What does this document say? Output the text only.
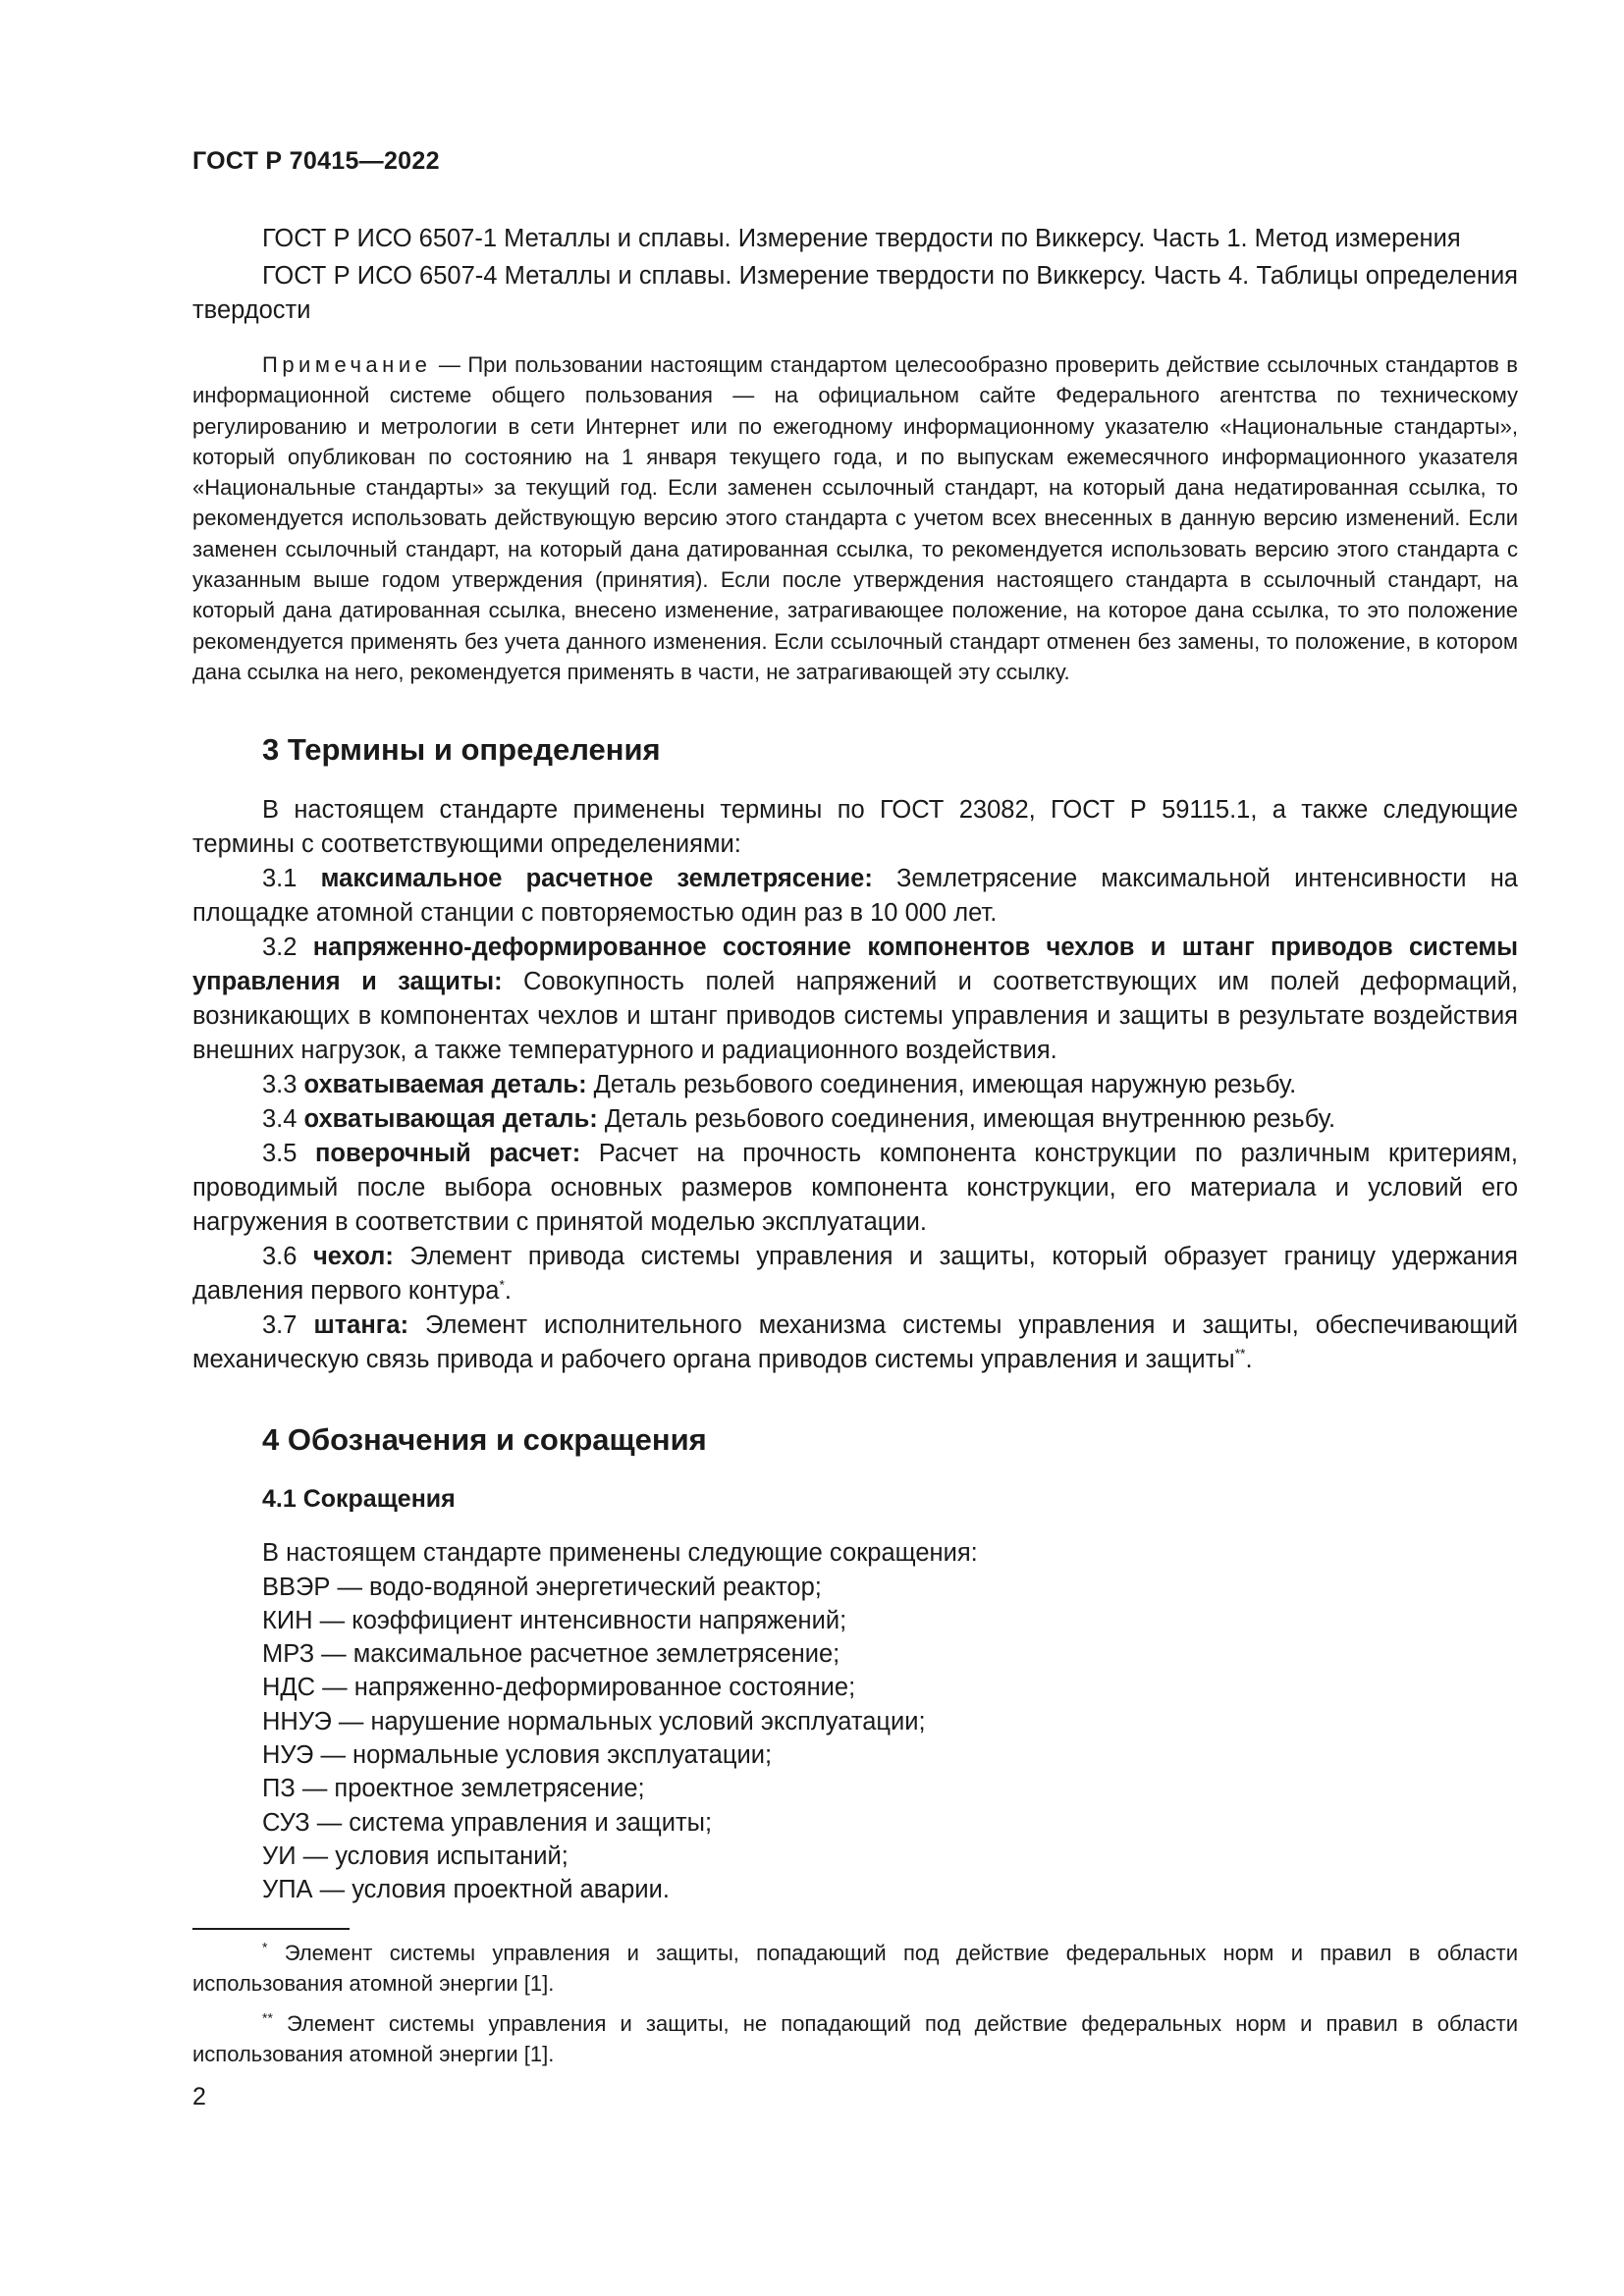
ГОСТ Р 70415—2022

ГОСТ Р ИСО 6507-1 Металлы и сплавы. Измерение твердости по Виккерсу. Часть 1. Метод измерения

ГОСТ Р ИСО 6507-4 Металлы и сплавы. Измерение твердости по Виккерсу. Часть 4. Таблицы определения твердости

Примечание — При пользовании настоящим стандартом целесообразно проверить действие ссылочных стандартов в информационной системе общего пользования — на официальном сайте Федерального агентства по техническому регулированию и метрологии в сети Интернет или по ежегодному информационному указателю «Национальные стандарты», который опубликован по состоянию на 1 января текущего года, и по выпускам ежемесячного информационного указателя «Национальные стандарты» за текущий год. Если заменен ссылочный стандарт, на который дана недатированная ссылка, то рекомендуется использовать действующую версию этого стандарта с учетом всех внесенных в данную версию изменений. Если заменен ссылочный стандарт, на который дана датированная ссылка, то рекомендуется использовать версию этого стандарта с указанным выше годом утверждения (принятия). Если после утверждения настоящего стандарта в ссылочный стандарт, на который дана датированная ссылка, внесено изменение, затрагивающее положение, на которое дана ссылка, то это положение рекомендуется применять без учета данного изменения. Если ссылочный стандарт отменен без замены, то положение, в котором дана ссылка на него, рекомендуется применять в части, не затрагивающей эту ссылку.

3 Термины и определения

В настоящем стандарте применены термины по ГОСТ 23082, ГОСТ Р 59115.1, а также следующие термины с соответствующими определениями:

3.1 максимальное расчетное землетрясение: Землетрясение максимальной интенсивности на площадке атомной станции с повторяемостью один раз в 10 000 лет.

3.2 напряженно-деформированное состояние компонентов чехлов и штанг приводов системы управления и защиты: Совокупность полей напряжений и соответствующих им полей деформаций, возникающих в компонентах чехлов и штанг приводов системы управления и защиты в результате воздействия внешних нагрузок, а также температурного и радиационного воздействия.

3.3 охватываемая деталь: Деталь резьбового соединения, имеющая наружную резьбу.

3.4 охватывающая деталь: Деталь резьбового соединения, имеющая внутреннюю резьбу.

3.5 поверочный расчет: Расчет на прочность компонента конструкции по различным критериям, проводимый после выбора основных размеров компонента конструкции, его материала и условий его нагружения в соответствии с принятой моделью эксплуатации.

3.6 чехол: Элемент привода системы управления и защиты, который образует границу удержания давления первого контура*.

3.7 штанга: Элемент исполнительного механизма системы управления и защиты, обеспечивающий механическую связь привода и рабочего органа приводов системы управления и защиты**.

4 Обозначения и сокращения
4.1 Сокращения
В настоящем стандарте применены следующие сокращения:
ВВЭР — водо-водяной энергетический реактор;
КИН — коэффициент интенсивности напряжений;
МРЗ — максимальное расчетное землетрясение;
НДС — напряженно-деформированное состояние;
ННУЭ — нарушение нормальных условий эксплуатации;
НУЭ — нормальные условия эксплуатации;
ПЗ — проектное землетрясение;
СУЗ — система управления и защиты;
УИ — условия испытаний;
УПА — условия проектной аварии.

* Элемент системы управления и защиты, попадающий под действие федеральных норм и правил в области использования атомной энергии [1].

** Элемент системы управления и защиты, не попадающий под действие федеральных норм и правил в области использования атомной энергии [1].

2
